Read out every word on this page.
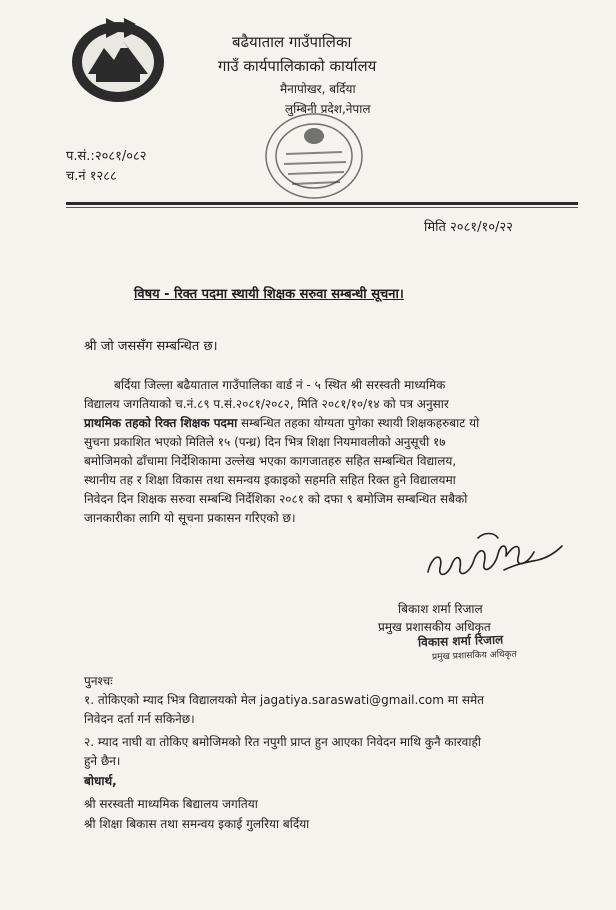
बढैयाताल गाउँपालिका
गाउँ कार्यपालिकाको कार्यालय
मैनापोखर, बर्दिया
लुम्बिनी प्रदेश,नेपाल
प.सं.:२०८१/०८२
च.नं १२८८
मिति २०८१/१०/२२
विषय - रिक्त पदमा स्थायी शिक्षक सरुवा सम्बन्धी सूचना।
श्री जो जससँग सम्बन्धित छ।
बर्दिया जिल्ला बढैयाताल गाउँपालिका वार्ड नं - ५ स्थित श्री सरस्वती माध्यमिक
विद्यालय जगतियाको च.नं.८९ प.सं.२०८१/२०८२, मिति २०८१/१०/१४ को पत्र अनुसार
प्राथमिक तहको रिक्त शिक्षक पदमा सम्बन्धित तहका योग्यता पुगेका स्थायी शिक्षकहरुबाट यो
सुचना प्रकाशित भएको मितिले १५ (पन्ध्र) दिन भित्र शिक्षा नियमावलीको अनुसूची १७
बमोजिमको ढाँचामा निर्देशिकामा उल्लेख भएका कागजातहरु सहित सम्बन्धित विद्यालय,
स्थानीय तह र शिक्षा विकास तथा समन्वय इकाइको सहमति सहित रिक्त हुने विद्यालयमा
निवेदन दिन शिक्षक सरुवा सम्बन्धि निर्देशिका २०८१ को दफा ९ बमोजिम सम्बन्धित सबैको
जानकारीका लागि यो सूचना प्रकासन गरिएको छ।
बिकाश शर्मा रिजाल
प्रमुख प्रशासकीय अधिकृत
विकास शर्मा रिजाल
प्रमुख प्रशासकिय अधिकृत
पुनश्चः
१. तोकिएको म्याद भित्र विद्यालयको मेल jagatiya.saraswati@gmail.com मा समेत
निवेदन दर्ता गर्न सकिनेछ।
२. म्याद नाघी वा तोकिए बमोजिमको रित नपुगी प्राप्त हुन आएका निवेदन माथि कुनै कारवाही
हुने छैन।
बोधार्थ,
श्री सरस्वती माध्यमिक बिद्यालय जगतिया
श्री शिक्षा बिकास तथा समन्वय इकाई गुलरिया बर्दिया
